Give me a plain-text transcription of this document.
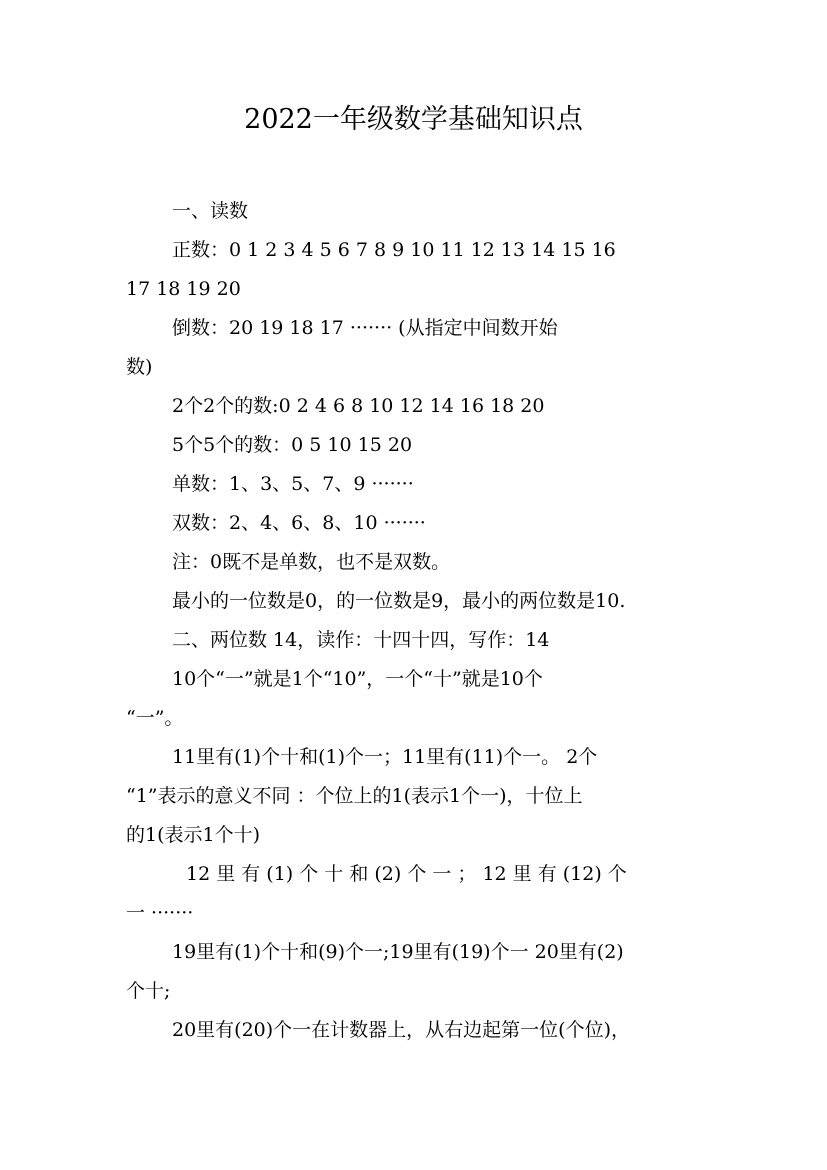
2022一年级数学基础知识点

一、读数

正数：0 1 2 3 4 5 6 7 8 9 10 11 12 13 14 15 16

17 18 19 20

倒数：20 19 18 17 ······· (从指定中间数开始

数)

2个2个的数:0 2 4 6 8 10 12 14 16 18 20

5个5个的数：0 5 10 15 20

单数：1、3、5、7、9 ·······

双数：2、4、6、8、10 ·······

注：0既不是单数，也不是双数。

最小的一位数是0，的一位数是9，最小的两位数是10.

二、两位数 14，读作：十四十四，写作：14

10个“一”就是1个“10”，一个“十”就是10个

“一”。

11里有(1)个十和(1)个一；11里有(11)个一。 2个

“1”表示的意义不同 ：个位上的1(表示1个一)，十位上

的1(表示1个十)

12 里 有 (1) 个 十 和 (2) 个 一 ； 12 里 有 (12) 个

一 ·······

19里有(1)个十和(9)个一;19里有(19)个一 20里有(2)

个十;

20里有(20)个一在计数器上，从右边起第一位(个位)，
